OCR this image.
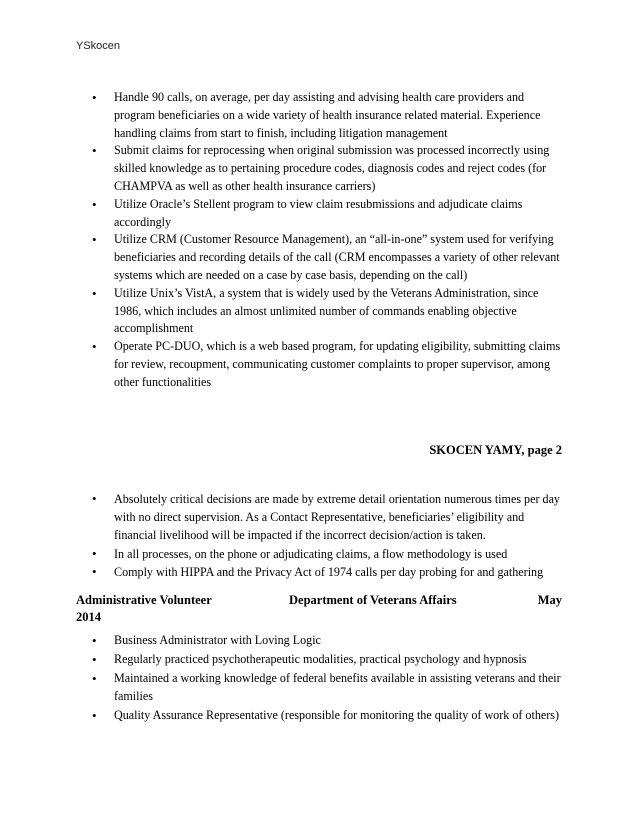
YSkocen
• Handle 90 calls, on average, per day assisting and advising health care providers and program beneficiaries on a wide variety of health insurance related material. Experience handling claims from start to finish, including litigation management
• Submit claims for reprocessing when original submission was processed incorrectly using skilled knowledge as to pertaining procedure codes, diagnosis codes and reject codes (for CHAMPVA as well as other health insurance carriers)
• Utilize Oracle’s Stellent program to view claim resubmissions and adjudicate claims accordingly
• Utilize CRM (Customer Resource Management), an “all-in-one” system used for verifying beneficiaries and recording details of the call (CRM encompasses a variety of other relevant systems which are needed on a case by case basis, depending on the call)
• Utilize Unix’s VistA, a system that is widely used by the Veterans Administration, since 1986, which includes an almost unlimited number of commands enabling objective accomplishment
• Operate PC-DUO, which is a web based program, for updating eligibility, submitting claims for review, recoupment, communicating customer complaints to proper supervisor, among other functionalities
SKOCEN YAMY, page 2
• Absolutely critical decisions are made by extreme detail orientation numerous times per day with no direct supervision. As a Contact Representative, beneficiaries’ eligibility and financial livelihood will be impacted if the incorrect decision/action is taken.
• In all processes, on the phone or adjudicating claims, a flow methodology is used
• Comply with HIPPA and the Privacy Act of 1974 calls per day probing for and gathering
Administrative Volunteer	Department of Veterans Affairs	May
2014
• Business Administrator with Loving Logic
• Regularly practiced psychotherapeutic modalities, practical psychology and hypnosis
• Maintained a working knowledge of federal benefits available in assisting veterans and their families
• Quality Assurance Representative (responsible for monitoring the quality of work of others)
